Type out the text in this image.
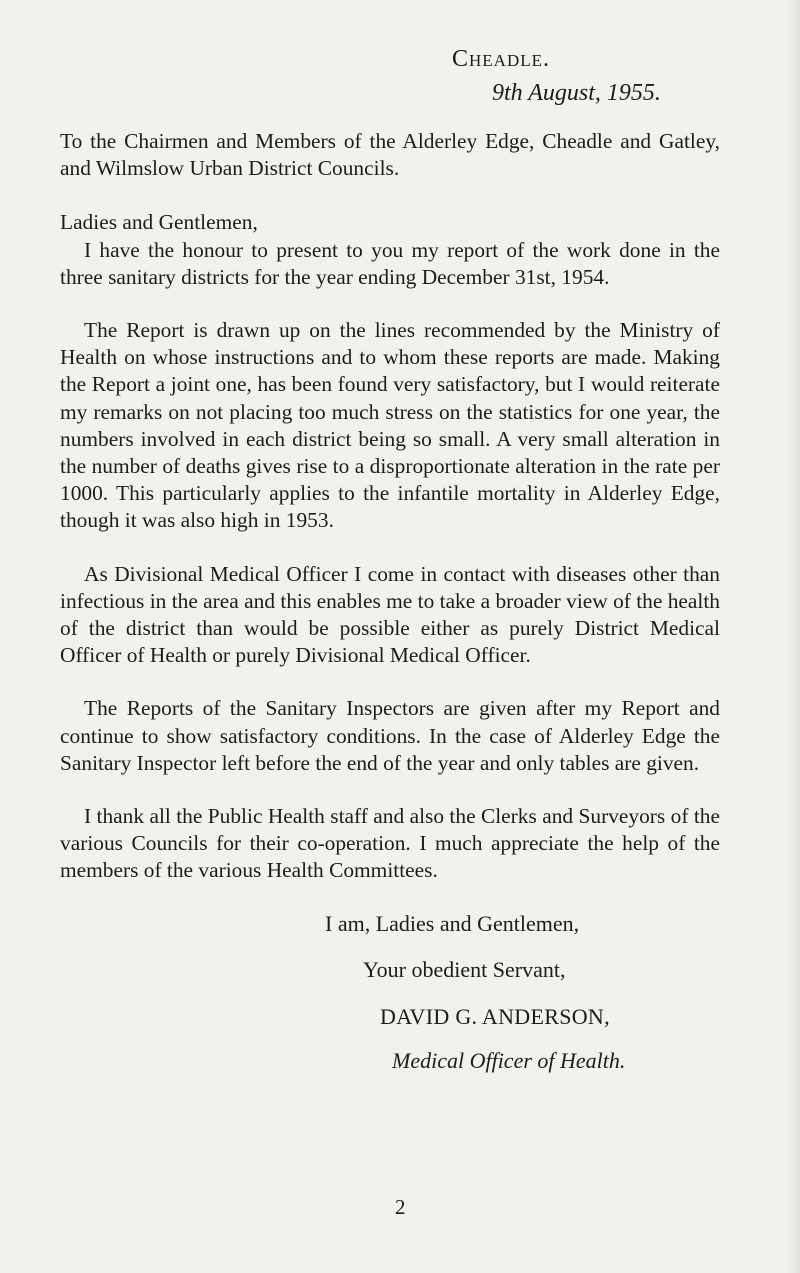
Cheadle.
9th August, 1955.

To the Chairmen and Members of the Alderley Edge, Cheadle and Gatley, and Wilmslow Urban District Councils.

Ladies and Gentlemen,

I have the honour to present to you my report of the work done in the three sanitary districts for the year ending December 31st, 1954.

The Report is drawn up on the lines recommended by the Ministry of Health on whose instructions and to whom these reports are made. Making the Report a joint one, has been found very satisfactory, but I would reiterate my remarks on not placing too much stress on the statistics for one year, the numbers involved in each district being so small. A very small alteration in the number of deaths gives rise to a disproportionate alteration in the rate per 1000. This particularly applies to the infantile mortality in Alderley Edge, though it was also high in 1953.

As Divisional Medical Officer I come in contact with diseases other than infectious in the area and this enables me to take a broader view of the health of the district than would be possible either as purely District Medical Officer of Health or purely Divisional Medical Officer.

The Reports of the Sanitary Inspectors are given after my Report and continue to show satisfactory conditions. In the case of Alderley Edge the Sanitary Inspector left before the end of the year and only tables are given.

I thank all the Public Health staff and also the Clerks and Surveyors of the various Councils for their co-operation. I much appreciate the help of the members of the various Health Committees.

I am, Ladies and Gentlemen,
Your obedient Servant,
DAVID G. ANDERSON,
Medical Officer of Health.
2
